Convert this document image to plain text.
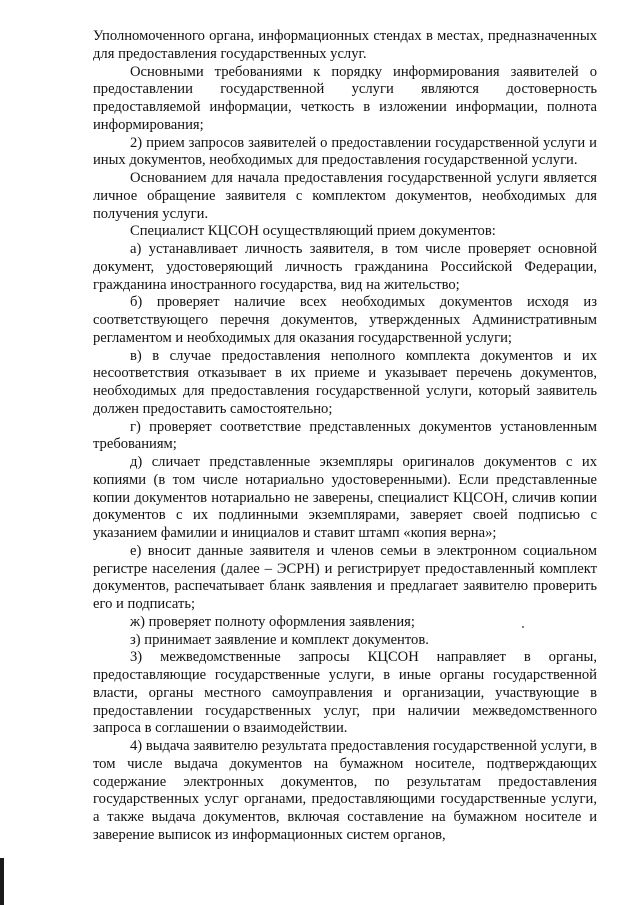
Уполномоченного органа, информационных стендах в местах, предназначенных для предоставления государственных услуг.

Основными требованиями к порядку информирования заявителей о предоставлении государственной услуги являются достоверность предоставляемой информации, четкость в изложении информации, полнота информирования;

2) прием запросов заявителей о предоставлении государственной услуги и иных документов, необходимых для предоставления государственной услуги.

Основанием для начала предоставления государственной услуги является личное обращение заявителя с комплектом документов, необходимых для получения услуги.

Специалист КЦСОН осуществляющий прием документов:

а) устанавливает личность заявителя, в том числе проверяет основной документ, удостоверяющий личность гражданина Российской Федерации, гражданина иностранного государства, вид на жительство;

б) проверяет наличие всех необходимых документов исходя из соответствующего перечня документов, утвержденных Административным регламентом и необходимых для оказания государственной услуги;

в) в случае предоставления неполного комплекта документов и их несоответствия отказывает в их приеме и указывает перечень документов, необходимых для предоставления государственной услуги, который заявитель должен предоставить самостоятельно;

г) проверяет соответствие представленных документов установленным требованиям;

д) сличает представленные экземпляры оригиналов документов с их копиями (в том числе нотариально удостоверенными). Если представленные копии документов нотариально не заверены, специалист КЦСОН, сличив копии документов с их подлинными экземплярами, заверяет своей подписью с указанием фамилии и инициалов и ставит штамп «копия верна»;

е) вносит данные заявителя и членов семьи в электронном социальном регистре населения (далее – ЭСРН) и регистрирует предоставленный комплект документов, распечатывает бланк заявления и предлагает заявителю проверить его и подписать;

ж) проверяет полноту оформления заявления;

з) принимает заявление и комплект документов.

3) межведомственные запросы КЦСОН направляет в органы, предоставляющие государственные услуги, в иные органы государственной власти, органы местного самоуправления и организации, участвующие в предоставлении государственных услуг, при наличии межведомственного запроса в соглашении о взаимодействии.

4) выдача заявителю результата предоставления государственной услуги, в том числе выдача документов на бумажном носителе, подтверждающих содержание электронных документов, по результатам предоставления государственных услуг органами, предоставляющими государственные услуги, а также выдача документов, включая составление на бумажном носителе и заверение выписок из информационных систем органов,
